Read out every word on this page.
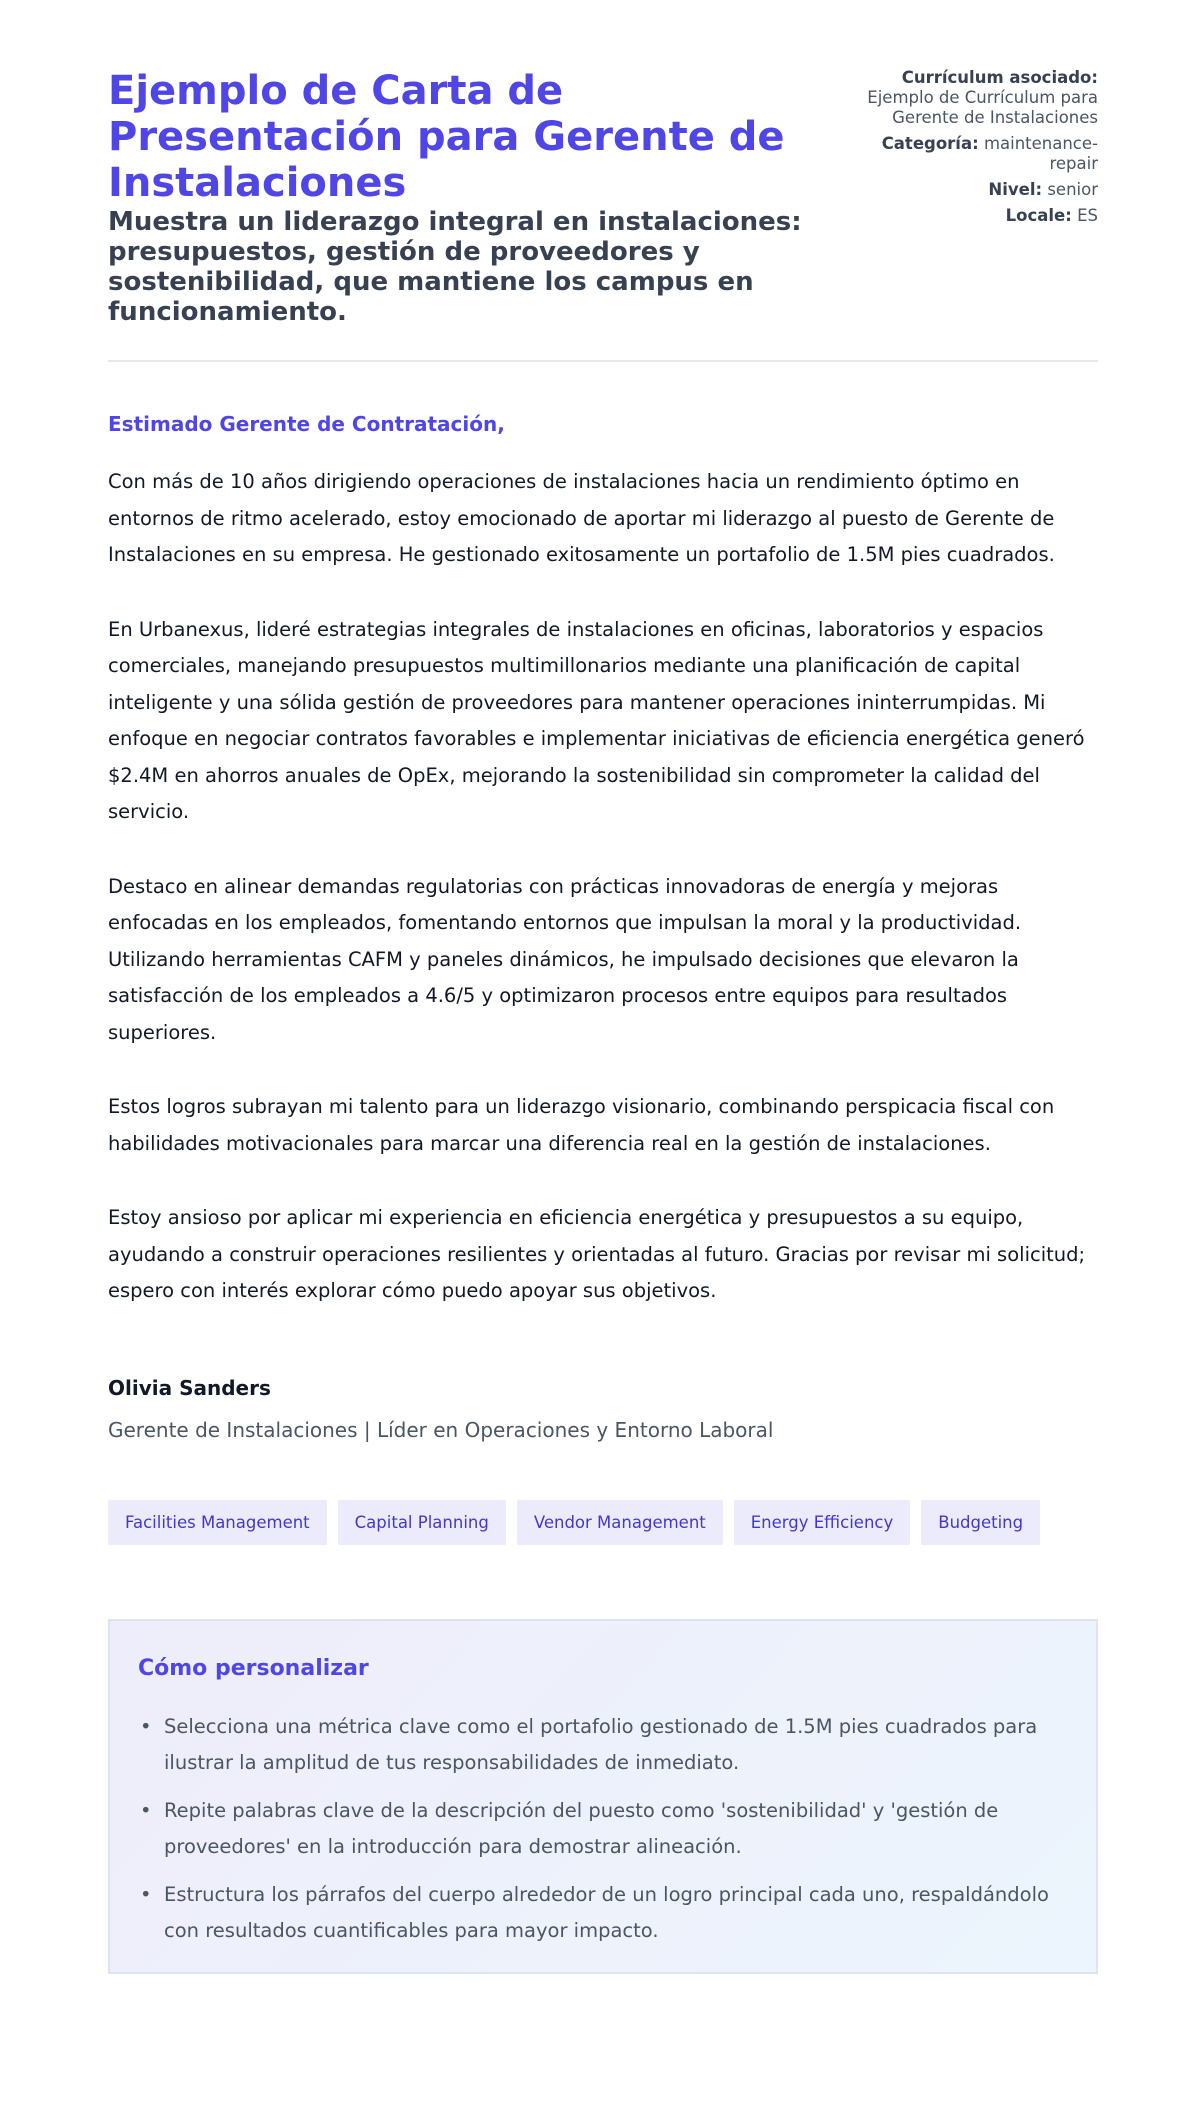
Ejemplo de Carta de Presentación para Gerente de Instalaciones
Muestra un liderazgo integral en instalaciones: presupuestos, gestión de proveedores y sostenibilidad, que mantiene los campus en funcionamiento.
Currículum asociado: Ejemplo de Currículum para Gerente de Instalaciones
Categoría: maintenance-repair
Nivel: senior
Locale: ES

Estimado Gerente de Contratación,

Con más de 10 años dirigiendo operaciones de instalaciones hacia un rendimiento óptimo en entornos de ritmo acelerado, estoy emocionado de aportar mi liderazgo al puesto de Gerente de Instalaciones en su empresa. He gestionado exitosamente un portafolio de 1.5M pies cuadrados.

En Urbanexus, lideré estrategias integrales de instalaciones en oficinas, laboratorios y espacios comerciales, manejando presupuestos multimillonarios mediante una planificación de capital inteligente y una sólida gestión de proveedores para mantener operaciones ininterrumpidas. Mi enfoque en negociar contratos favorables e implementar iniciativas de eficiencia energética generó $2.4M en ahorros anuales de OpEx, mejorando la sostenibilidad sin comprometer la calidad del servicio.

Destaco en alinear demandas regulatorias con prácticas innovadoras de energía y mejoras enfocadas en los empleados, fomentando entornos que impulsan la moral y la productividad. Utilizando herramientas CAFM y paneles dinámicos, he impulsado decisiones que elevaron la satisfacción de los empleados a 4.6/5 y optimizaron procesos entre equipos para resultados superiores.

Estos logros subrayan mi talento para un liderazgo visionario, combinando perspicacia fiscal con habilidades motivacionales para marcar una diferencia real en la gestión de instalaciones.

Estoy ansioso por aplicar mi experiencia en eficiencia energética y presupuestos a su equipo, ayudando a construir operaciones resilientes y orientadas al futuro. Gracias por revisar mi solicitud; espero con interés explorar cómo puedo apoyar sus objetivos.

Olivia Sanders

Gerente de Instalaciones | Líder en Operaciones y Entorno Laboral

Facilities Management	Capital Planning	Vendor Management	Energy Efficiency	Budgeting
Cómo personalizar
• Selecciona una métrica clave como el portafolio gestionado de 1.5M pies cuadrados para ilustrar la amplitud de tus responsabilidades de inmediato.
• Repite palabras clave de la descripción del puesto como 'sostenibilidad' y 'gestión de proveedores' en la introducción para demostrar alineación.
• Estructura los párrafos del cuerpo alrededor de un logro principal cada uno, respaldándolo con resultados cuantificables para mayor impacto.
